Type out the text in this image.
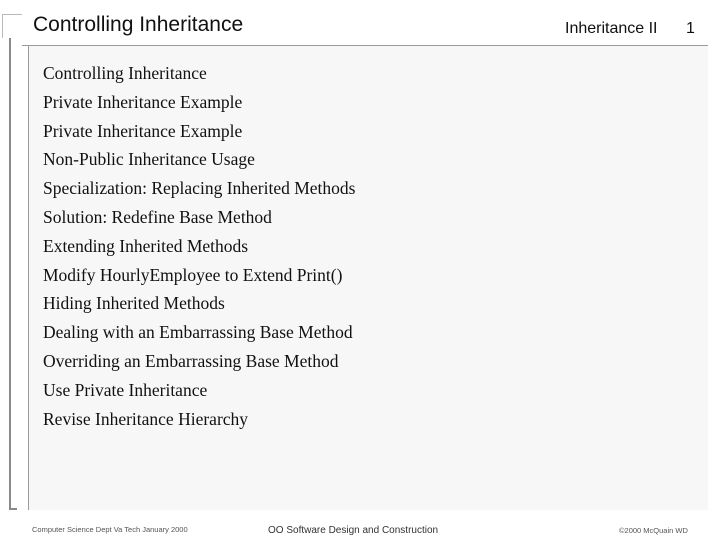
Controlling Inheritance	Inheritance II 1
Controlling Inheritance
Private Inheritance Example
Private Inheritance Example
Non-Public Inheritance Usage
Specialization: Replacing Inherited Methods
Solution: Redefine Base Method
Extending Inherited Methods
Modify HourlyEmployee to Extend Print()
Hiding Inherited Methods
Dealing with an Embarrassing Base Method
Overriding an Embarrassing Base Method
Use Private Inheritance
Revise Inheritance Hierarchy
Computer Science Dept Va Tech January 2000	OO Software Design and Construction	©2000 McQuain WD
